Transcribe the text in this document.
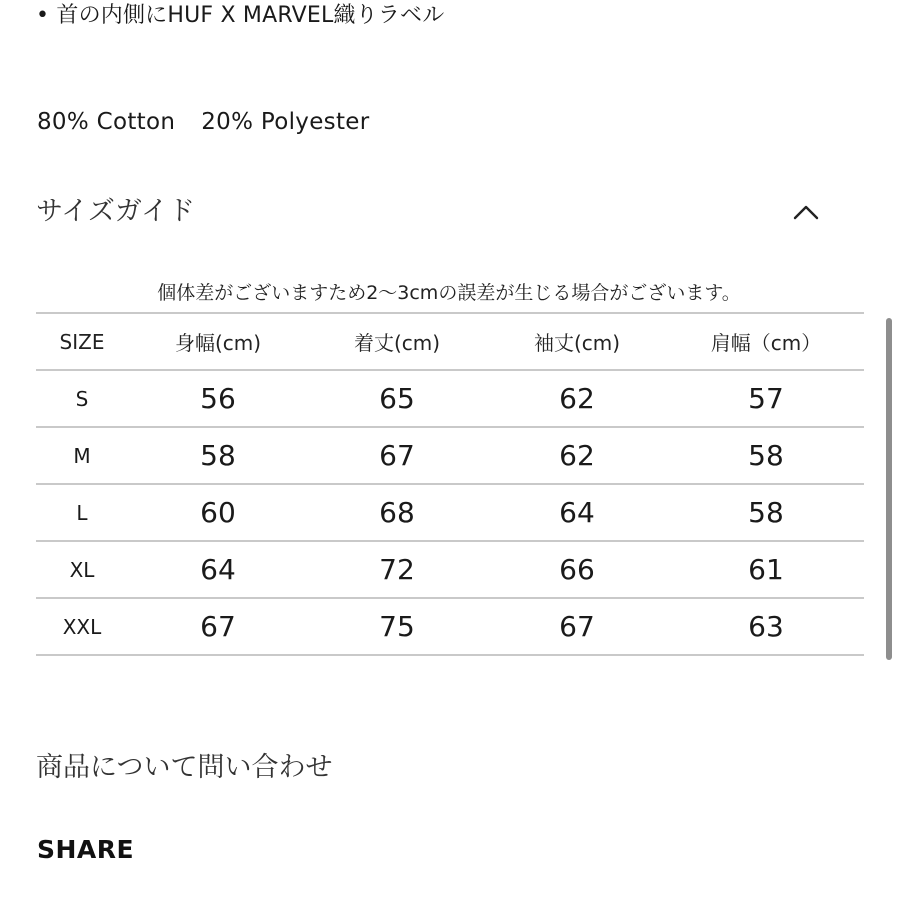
• 首の内側にHUF X MARVEL織りラベル
80% Cotton 20% Polyester
サイズガイド
個体差がございますため2〜3cmの誤差が生じる場合がございます。
SIZE	身幅(cm)	着丈(cm)	袖丈(cm)	肩幅（cm）
S	56	65	62	57
M	58	67	62	58
L	60	68	64	58
XL	64	72	66	61
XXL	67	75	67	63
商品について問い合わせ
SHARE
